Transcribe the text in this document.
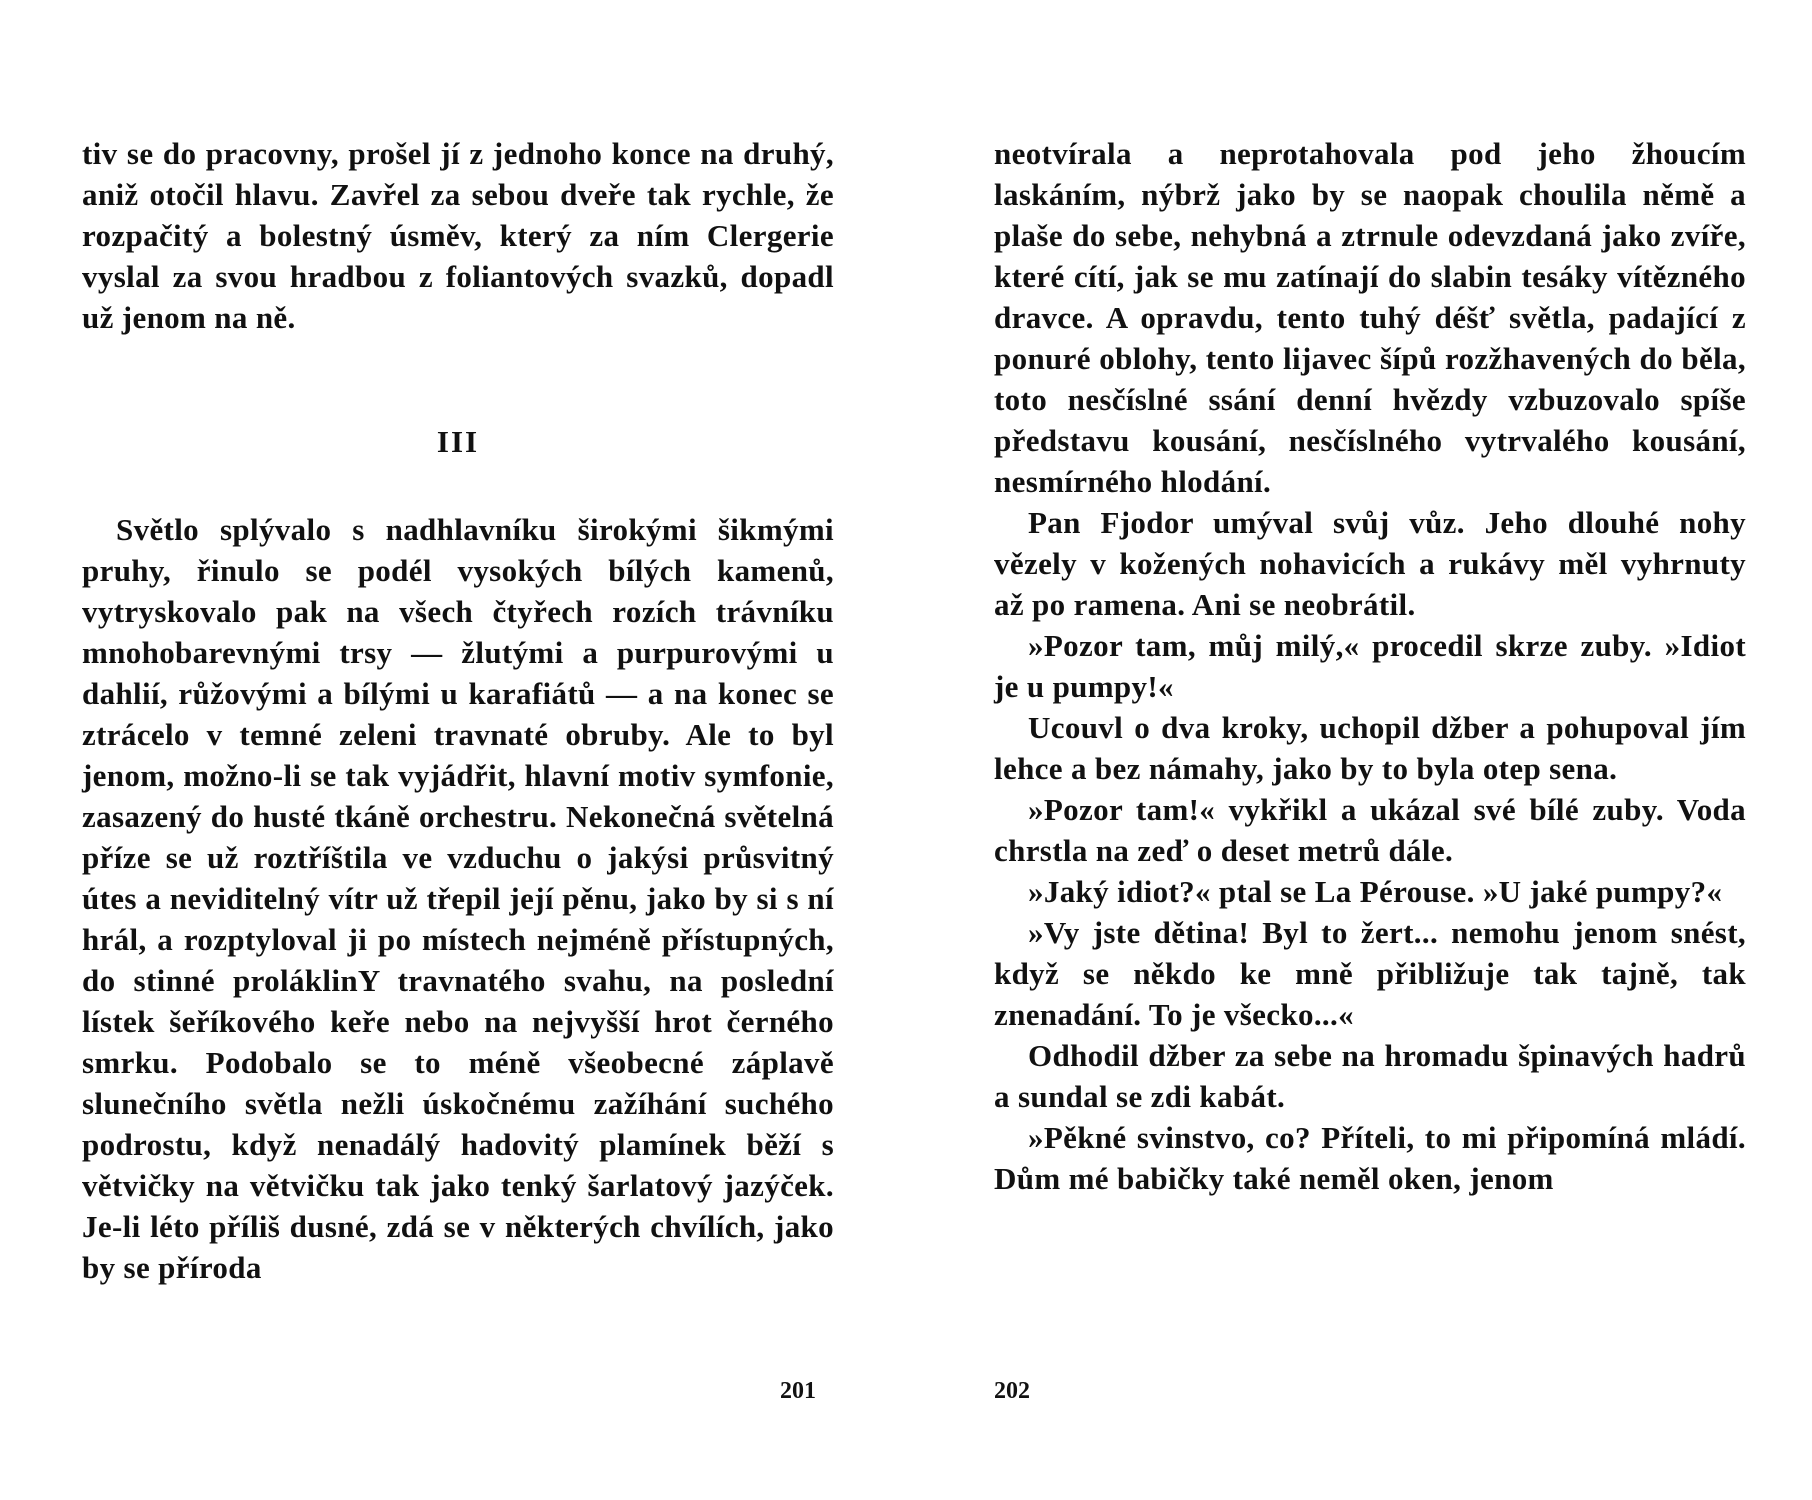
tiv se do pracovny, prošel jí z jednoho konce na druhý, aniž otočil hlavu. Zavřel za sebou dveře tak rychle, že rozpačitý a bolestný úsměv, který za ním Clergerie vyslal za svou hradbou z foliantových svazků, dopadl už jenom na ně.

III

Světlo splývalo s nadhlavníku širokými šikmými pruhy, řinulo se podél vysokých bílých kamenů, vytryskovalo pak na všech čtyřech rozích trávníku mnohobarevnými trsy — žlutými a purpurovými u dahlií, růžovými a bílými u karafiátů — a na konec se ztrácelo v temné zeleni travnaté obruby. Ale to byl jenom, možno-li se tak vyjádřit, hlavní motiv symfonie, zasazený do husté tkáně orchestru. Nekonečná světelná příze se už roztříštila ve vzduchu o jakýsi průsvitný útes a neviditelný vítr už třepil její pěnu, jako by si s ní hrál, a rozptyloval ji po místech nejméně přístupných, do stinné proláklinY travnatého svahu, na poslední lístek šeříkového keře nebo na nejvyšší hrot černého smrku. Podobalo se to méně všeobecné záplavě slunečního světla nežli úskočnému zažíhání suchého podrostu, když nenadálý hadovitý plamínek běží s větvičky na větvičku tak jako tenký šarlatový jazýček. Je-li léto příliš dusné, zdá se v některých chvílích, jako by se příroda

201

neotvírala a neprotahovala pod jeho žhoucím laskáním, nýbrž jako by se naopak choulila němě a plaše do sebe, nehybná a ztrnule odevzdaná jako zvíře, které cítí, jak se mu zatínají do slabin tesáky vítězného dravce. A opravdu, tento tuhý déšť světla, padající z ponuré oblohy, tento lijavec šípů rozžhavených do běla, toto nesčíslné ssání denní hvězdy vzbuzovalo spíše představu kousání, nesčíslného vytrvalého kousání, nesmírného hlodání.

Pan Fjodor umýval svůj vůz. Jeho dlouhé nohy vězely v kožených nohavicích a rukávy měl vyhrnuty až po ramena. Ani se neobrátil.

»Pozor tam, můj milý,« procedil skrze zuby. »Idiot je u pumpy!«

Ucouvl o dva kroky, uchopil džber a pohupoval jím lehce a bez námahy, jako by to byla otep sena.

»Pozor tam!« vykřikl a ukázal své bílé zuby. Voda chrstla na zeď o deset metrů dále.

»Jaký idiot?« ptal se La Pérouse. »U jaké pumpy?«

»Vy jste dětina! Byl to žert... nemohu jenom snést, když se někdo ke mně přibližuje tak tajně, tak znenadání. To je všecko...«

Odhodil džber za sebe na hromadu špinavých hadrů a sundal se zdi kabát.

»Pěkné svinstvo, co? Příteli, to mi připomíná mládí. Dům mé babičky také neměl oken, jenom

202
